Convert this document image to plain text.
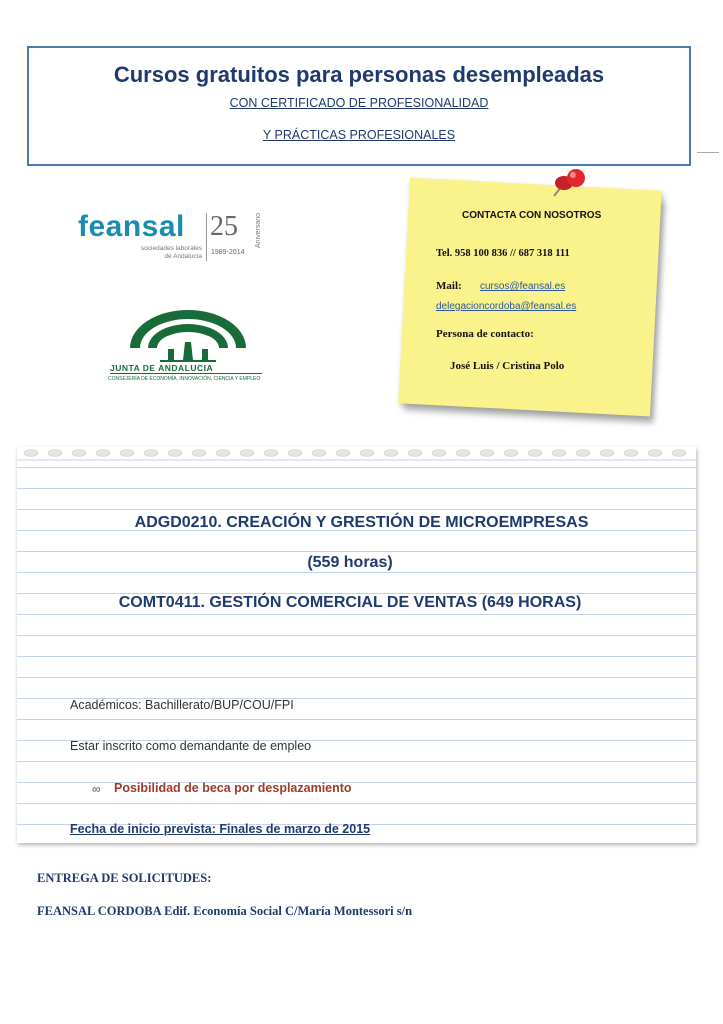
Cursos gratuitos para personas desempleadas
CON CERTIFICADO DE PROFESIONALIDAD
Y PRÁCTICAS PROFESIONALES
feansal
sociedades laborales
de Andalucía
25
1989-2014
Aniversario
JUNTA DE ANDALUCIA
CONSEJERÍA DE ECONOMÍA, INNOVACIÓN, CIENCIA Y EMPLEO
CONTACTA CON NOSOTROS
Tel. 958 100 836 // 687 318 111
Mail: cursos@feansal.es
delegacioncordoba@feansal.es
Persona de contacto:
José Luis / Cristina Polo
ADGD0210. CREACIÓN Y GRESTIÓN DE MICROEMPRESAS
(559 horas)
COMT0411. GESTIÓN COMERCIAL DE VENTAS (649 HORAS)
Académicos: Bachillerato/BUP/COU/FPI
Estar inscrito como demandante de empleo
∞ Posibilidad de beca por desplazamiento
Fecha de inicio prevista: Finales de marzo de 2015
ENTREGA DE SOLICITUDES:
FEANSAL CORDOBA Edif. Economía Social C/María Montessori s/n
